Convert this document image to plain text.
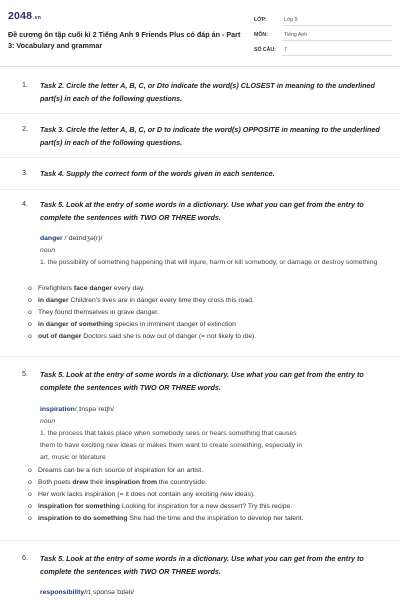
2048.vn
Đề cương ôn tập cuối kì 2 Tiếng Anh 9 Friends Plus có đáp án - Part 3: Vocabulary and grammar
LỚP:	Lớp 9
MÔN:	Tiếng Anh
SỐ CÂU: 7
1. Task 2. Circle the letter A, B, C, or Dto indicate the word(s) CLOSEST in meaning to the underlined part(s) in each of the following questions.
2. Task 3. Circle the letter A, B, C, or D to indicate the word(s) OPPOSITE in meaning to the underlined part(s) in each of the following questions.
3. Task 4. Supply the correct form of the words given in each sentence.
4. Task 5. Look at the entry of some words in a dictionary. Use what you can get from the entry to complete the sentences with TWO OR THREE words.
danger /ˈdeɪndʒə(r)/
noun
1. the possibility of something happening that will injure, harm or kill somebody, or damage or destroy something
o Firefighters face danger every day.
o in danger Children's lives are in danger every time they cross this road.
o They found themselves in grave danger.
o in danger of something species in imminent danger of extinction
o out of danger Doctors said she is now out of danger (= not likely to die).
5. Task 5. Look at the entry of some words in a dictionary. Use what you can get from the entry to complete the sentences with TWO OR THREE words.
inspiration/ˌɪnspəˈreɪʃn/
noun
1. the process that takes place when somebody sees or hears something that causes
them to have exciting new ideas or makes them want to create something, especially in
art, music or literature
o Dreams can be a rich source of inspiration for an artist.
o Both poets drew their inspiration from the countryside.
o Her work lacks inspiration (= it does not contain any exciting new ideas).
o inspiration for something Looking for inspiration for a new dessert? Try this recipe.
o inspiration to do something She had the time and the inspiration to develop her talent.
6. Task 5. Look at the entry of some words in a dictionary. Use what you can get from the entry to complete the sentences with TWO OR THREE words.
responsibility/rɪˌspɒnsəˈbɪləti/
